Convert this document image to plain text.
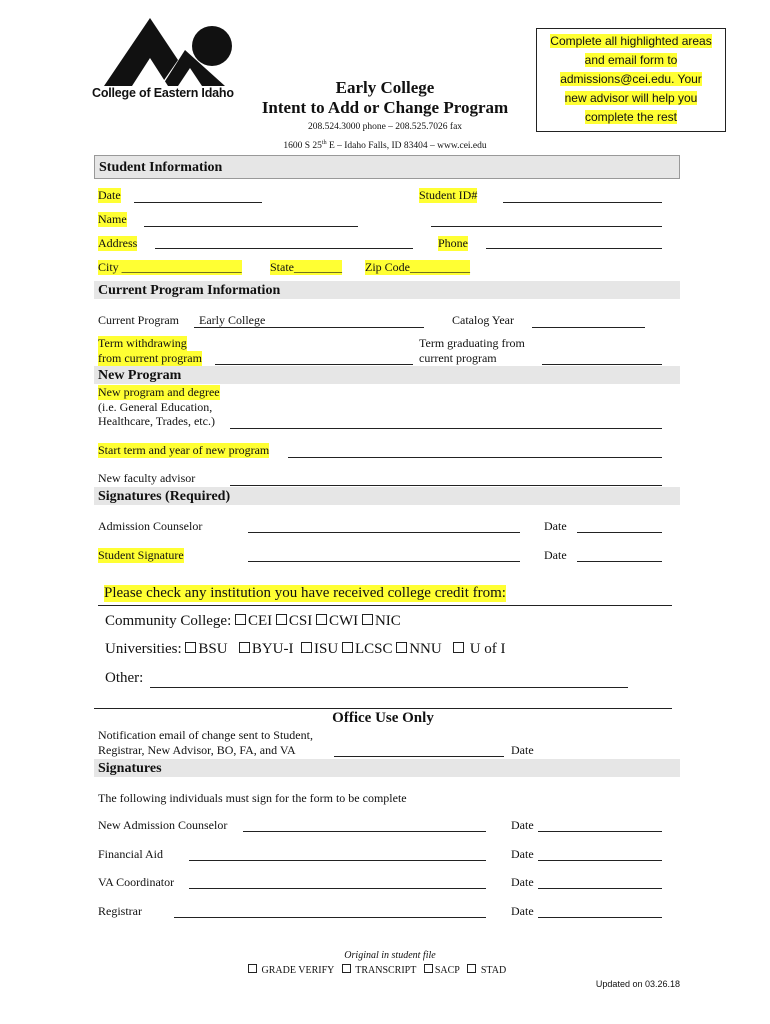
College of Eastern Idaho	Early College
Intent to Add or Change Program
208.524.3000 phone – 208.525.7026 fax
1600 S 25th E – Idaho Falls, ID 83404 – www.cei.edu
Complete all highlighted areas
and email form to
admissions@cei.edu. Your
new advisor will help you
complete the rest
Student Information
Date	Student ID#
Name
Address	Phone
City ____________________ State________ Zip Code__________
Current Program Information
Current Program Early College	Catalog Year
Term withdrawing
from current program
Term graduating from
current program
New Program
New program and degree
(i.e. General Education,
Healthcare, Trades, etc.)
Start term and year of new program
New faculty advisor
Signatures (Required)
Admission Counselor	Date
Student Signature	Date
Please check any institution you have received college credit from:
Community College: CEI CSI CWI NIC
Universities: BSU BYU-I ISU LCSC NNU U of I
Other:
Office Use Only
Notification email of change sent to Student,
Registrar, New Advisor, BO, FA, and VA	Date
Signatures
The following individuals must sign for the form to be complete
New Admission Counselor	Date
Financial Aid	Date
VA Coordinator	Date
Registrar	Date
Original in student file
GRADE VERIFY TRANSCRIPT SACP STAD
Updated on 03.26.18
